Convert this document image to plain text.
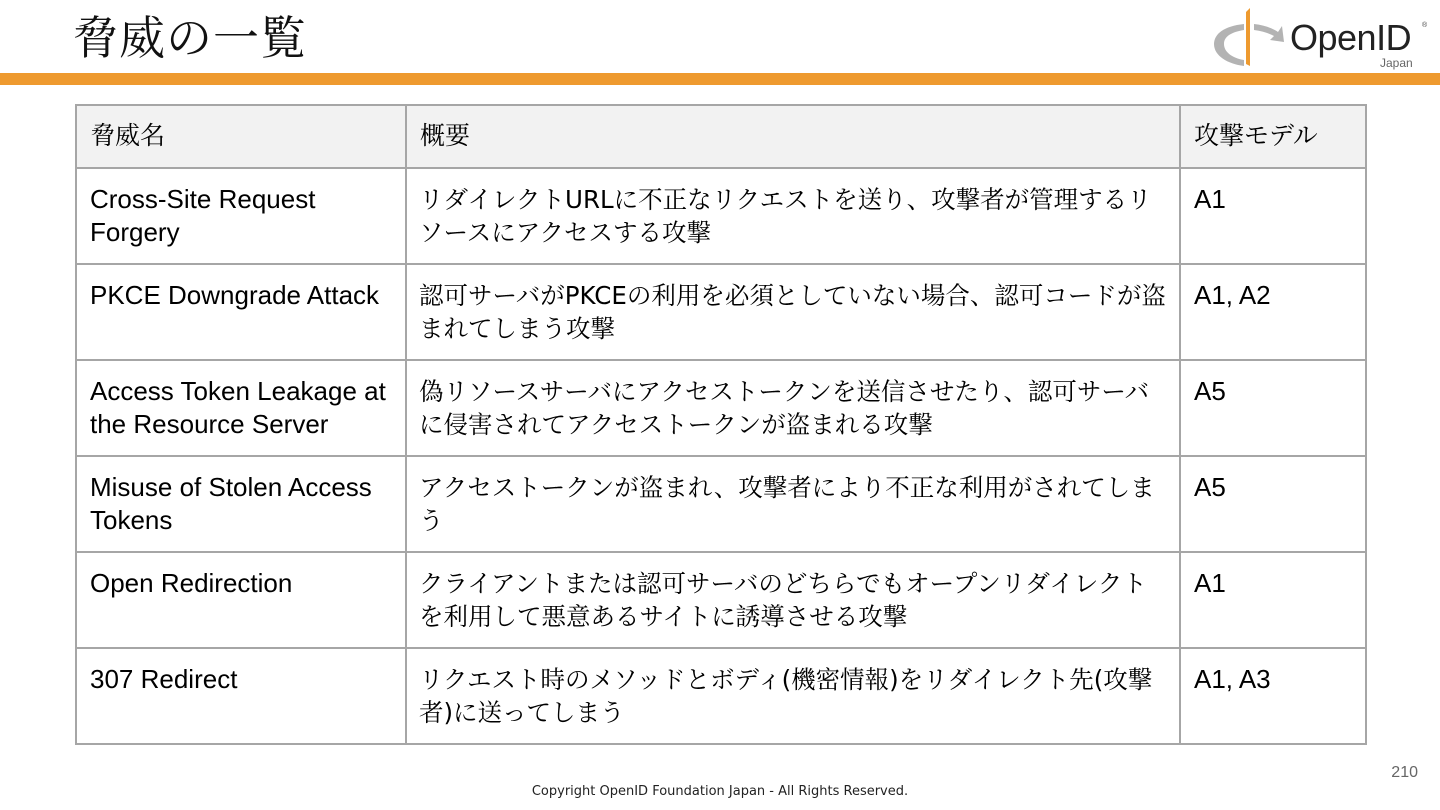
脅威の一覧	OpenID ®
Japan
脅威名	概要	攻撃モデル
Cross-Site Request Forgery	リダイレクトURLに不正なリクエストを送り、攻撃者が管理するリソースにアクセスする攻撃	A1
PKCE Downgrade Attack	認可サーバがPKCEの利用を必須としていない場合、認可コードが盗まれてしまう攻撃	A1, A2
Access Token Leakage at the Resource Server	偽リソースサーバにアクセストークンを送信させたり、認可サーバに侵害されてアクセストークンが盗まれる攻撃	A5
Misuse of Stolen Access Tokens	アクセストークンが盗まれ、攻撃者により不正な利用がされてしまう	A5
Open Redirection	クライアントまたは認可サーバのどちらでもオープンリダイレクトを利用して悪意あるサイトに誘導させる攻撃	A1
307 Redirect	リクエスト時のメソッドとボディ(機密情報)をリダイレクト先(攻撃者)に送ってしまう	A1, A3
210
Copyright OpenID Foundation Japan - All Rights Reserved.
